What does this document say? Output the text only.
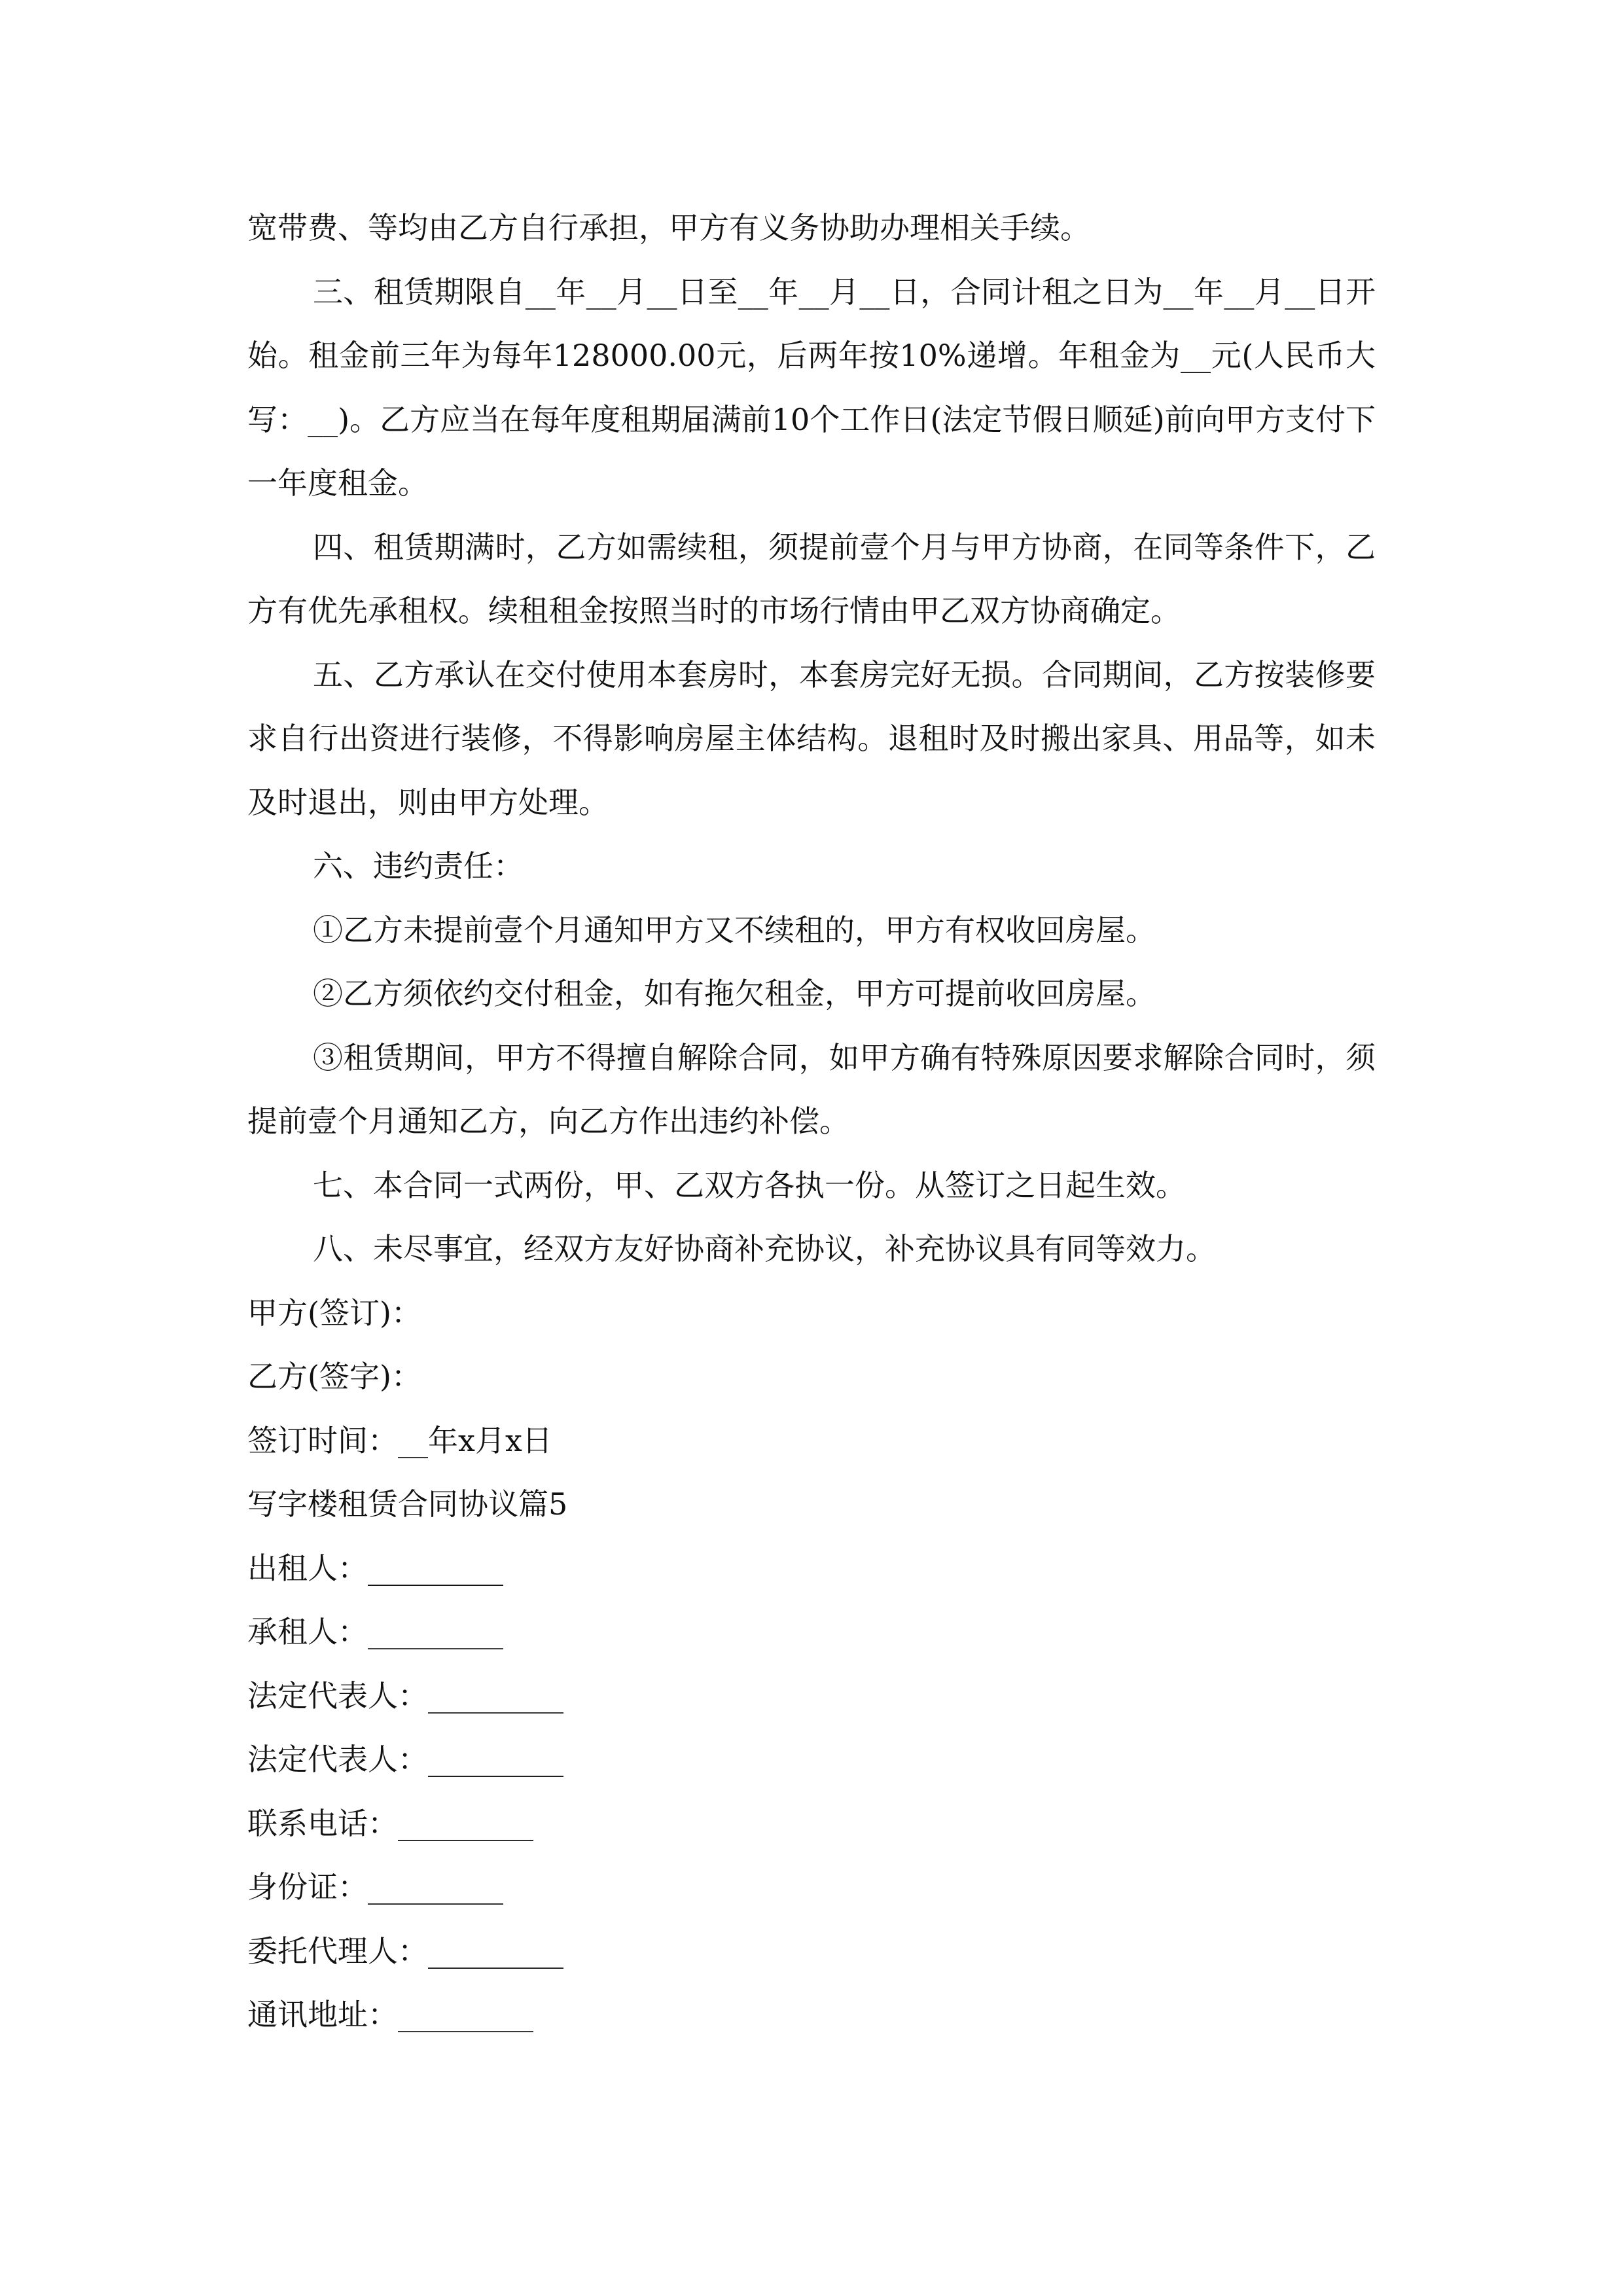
宽带费、等均由乙方自行承担，甲方有义务协助办理相关手续。

三、租赁期限自__年__月__日至__年__月__日，合同计租之日为__年__月__日开始。租金前三年为每年128000.00元，后两年按10%递增。年租金为__元(人民币大写：__)。乙方应当在每年度租期届满前10个工作日(法定节假日顺延)前向甲方支付下一年度租金。

四、租赁期满时，乙方如需续租，须提前壹个月与甲方协商，在同等条件下，乙方有优先承租权。续租租金按照当时的市场行情由甲乙双方协商确定。

五、乙方承认在交付使用本套房时，本套房完好无损。合同期间，乙方按装修要求自行出资进行装修，不得影响房屋主体结构。退租时及时搬出家具、用品等，如未及时退出，则由甲方处理。

六、违约责任：

①乙方未提前壹个月通知甲方又不续租的，甲方有权收回房屋。

②乙方须依约交付租金，如有拖欠租金，甲方可提前收回房屋。

③租赁期间，甲方不得擅自解除合同，如甲方确有特殊原因要求解除合同时，须提前壹个月通知乙方，向乙方作出违约补偿。

七、本合同一式两份，甲、乙双方各执一份。从签订之日起生效。

八、未尽事宜，经双方友好协商补充协议，补充协议具有同等效力。

甲方(签订)：

乙方(签字)：

签订时间：__年x月x日

写字楼租赁合同协议篇5

出租人：_________

承租人：_________

法定代表人：_________

法定代表人：_________

联系电话：_________

身份证：_________

委托代理人：_________

通讯地址：_________
